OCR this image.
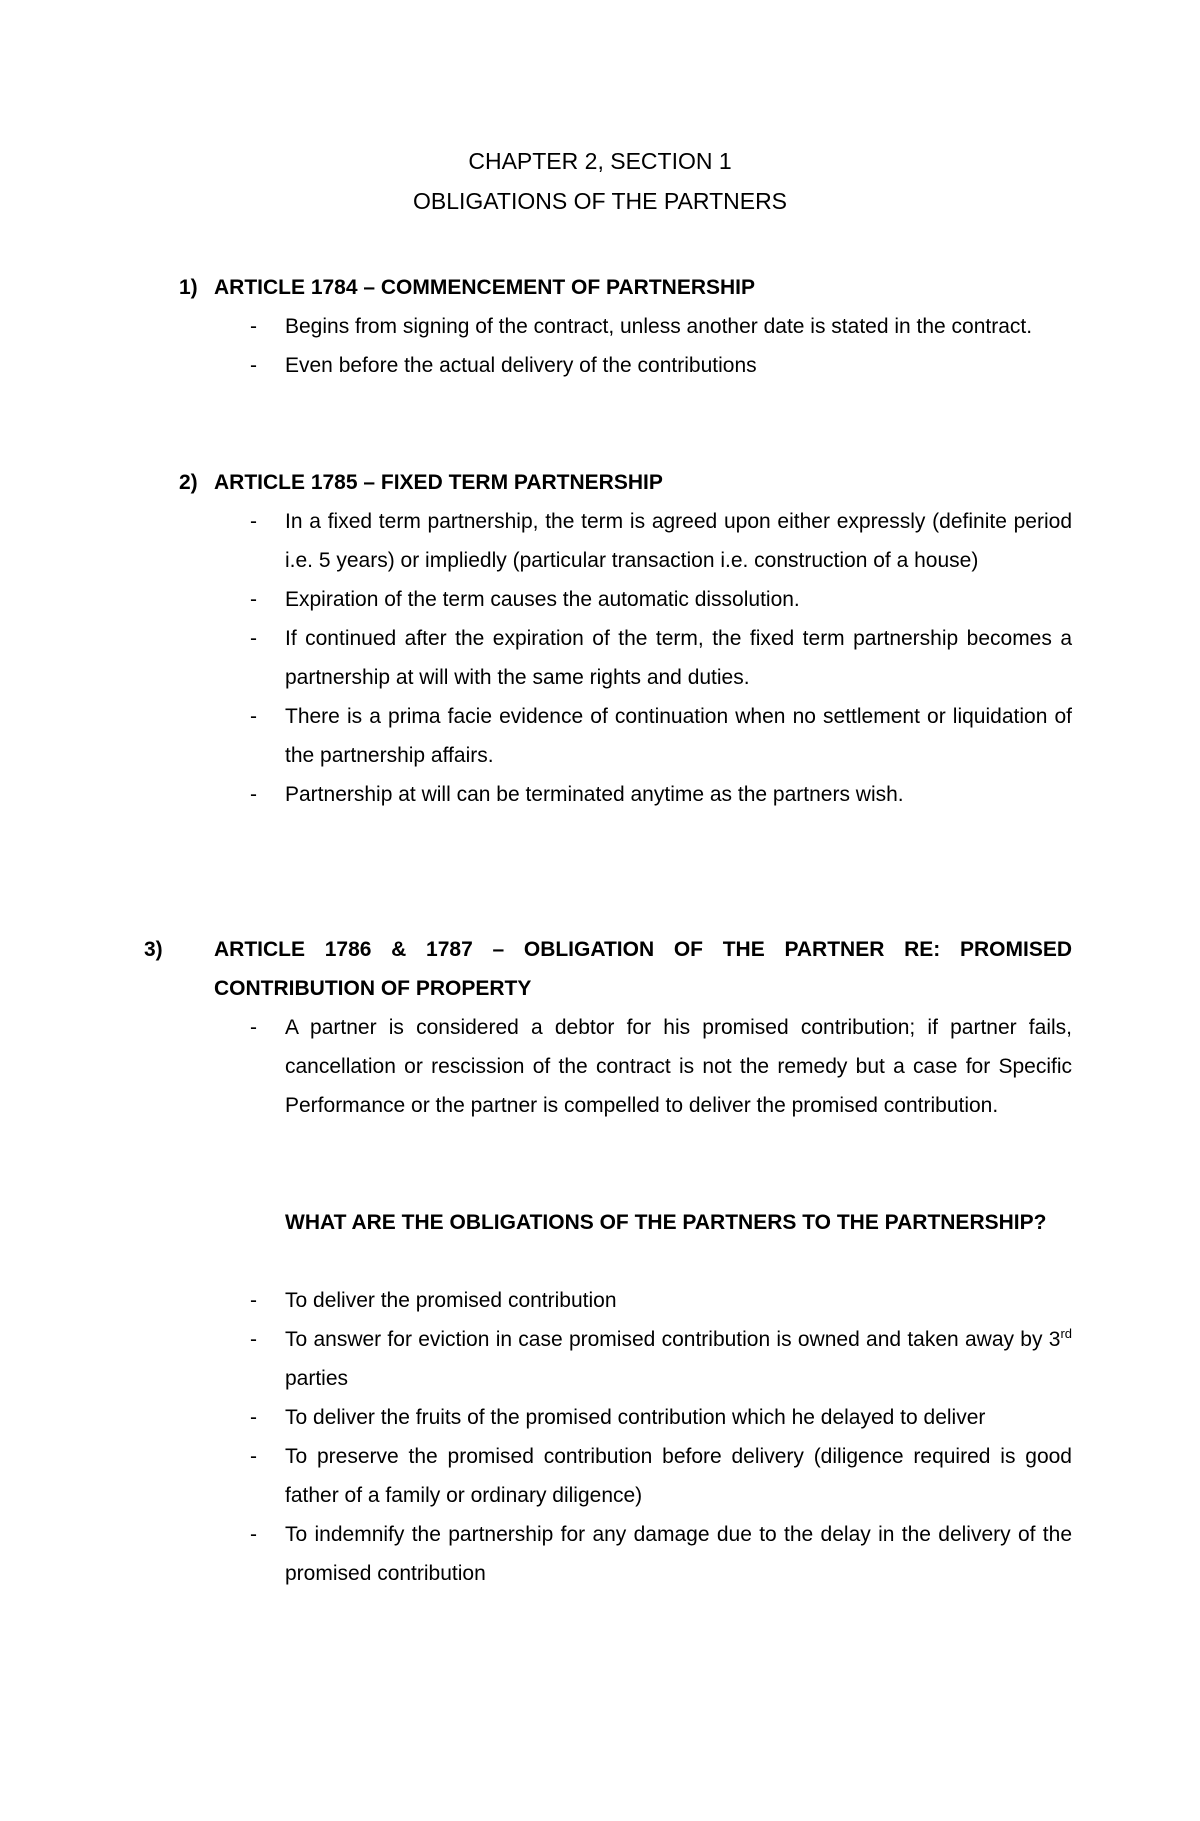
CHAPTER 2, SECTION 1
OBLIGATIONS OF THE PARTNERS
1) ARTICLE 1784 – COMMENCEMENT OF PARTNERSHIP
- Begins from signing of the contract, unless another date is stated in the contract.
- Even before the actual delivery of the contributions
2) ARTICLE 1785 – FIXED TERM PARTNERSHIP
- In a fixed term partnership, the term is agreed upon either expressly (definite period i.e. 5 years) or impliedly (particular transaction i.e. construction of a house)
- Expiration of the term causes the automatic dissolution.
- If continued after the expiration of the term, the fixed term partnership becomes a partnership at will with the same rights and duties.
- There is a prima facie evidence of continuation when no settlement or liquidation of the partnership affairs.
- Partnership at will can be terminated anytime as the partners wish.
3) ARTICLE 1786 & 1787 – OBLIGATION OF THE PARTNER RE: PROMISED CONTRIBUTION OF PROPERTY
- A partner is considered a debtor for his promised contribution; if partner fails, cancellation or rescission of the contract is not the remedy but a case for Specific Performance or the partner is compelled to deliver the promised contribution.
WHAT ARE THE OBLIGATIONS OF THE PARTNERS TO THE PARTNERSHIP?
- To deliver the promised contribution
- To answer for eviction in case promised contribution is owned and taken away by 3rd parties
- To deliver the fruits of the promised contribution which he delayed to deliver
- To preserve the promised contribution before delivery (diligence required is good father of a family or ordinary diligence)
- To indemnify the partnership for any damage due to the delay in the delivery of the promised contribution
